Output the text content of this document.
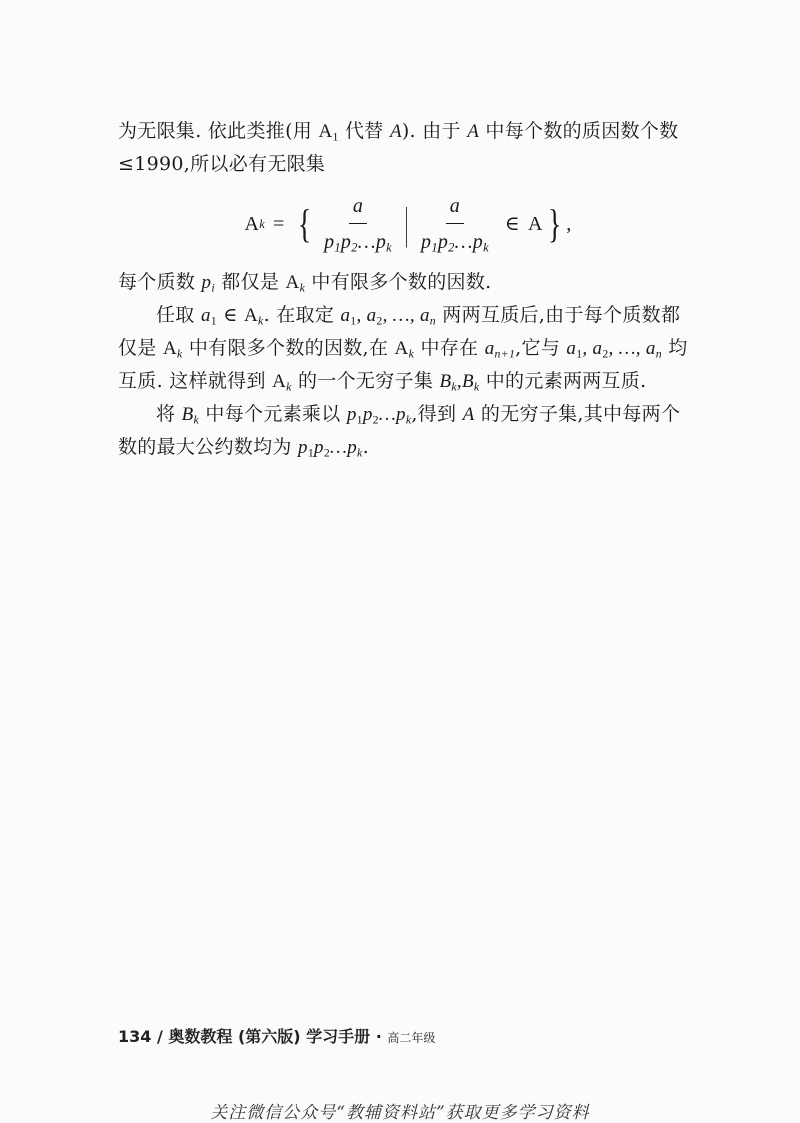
为无限集. 依此类推(用 $A_1$ 代替 A). 由于 A 中每个数的质因数个数≤1990,所以必有无限集

A k = { $\frac{a}{p_1p_2\dots p_k}$ | $\frac{a}{p_1p_2\dots p_k}$ ∈ A } ,

每个质数 $p_i$ 都仅是 $A_k$ 中有限多个数的因数.

任取 $a_1$ ∈ $A_k$. 在取定 $a_1$, $a_2$, …, $a_n$ 两两互质后,由于每个质数都仅是 $A_k$ 中有限多个数的因数,在 $A_k$ 中存在 $a_{n+1}$,它与 $a_1$, $a_2$, …, $a_n$ 均互质. 这样就得到 $A_k$ 的一个无穷子集 $B_k,B_k$ 中的元素两两互质.

将 $B_k$ 中每个元素乘以 $p_1p_2\dots p_k$,得到 A 的无穷子集,其中每两个数的最大公约数均为 $p_1p_2\dots p_k$.

134 / 奥数教程 (第六版) 学习手册 · 高二年级
关注微信公众号“教辅资料站”获取更多学习资料
